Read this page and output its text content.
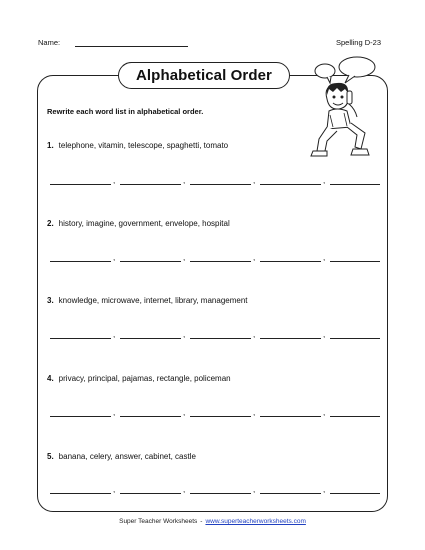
Name:	Spelling D-23
Alphabetical Order
Rewrite each word list in alphabetical order.
1. telephone, vitamin, telescope, spaghetti, tomato
,	,	,	,
2. history, imagine, government, envelope, hospital
,	,	,	,
3. knowledge, microwave, internet, library, management
,	,	,	,
4. privacy, principal, pajamas, rectangle, policeman
,	,	,	,
5. banana, celery, answer, cabinet, castle
,	,	,	,
Super Teacher Worksheets - www.superteacherworksheets.com
